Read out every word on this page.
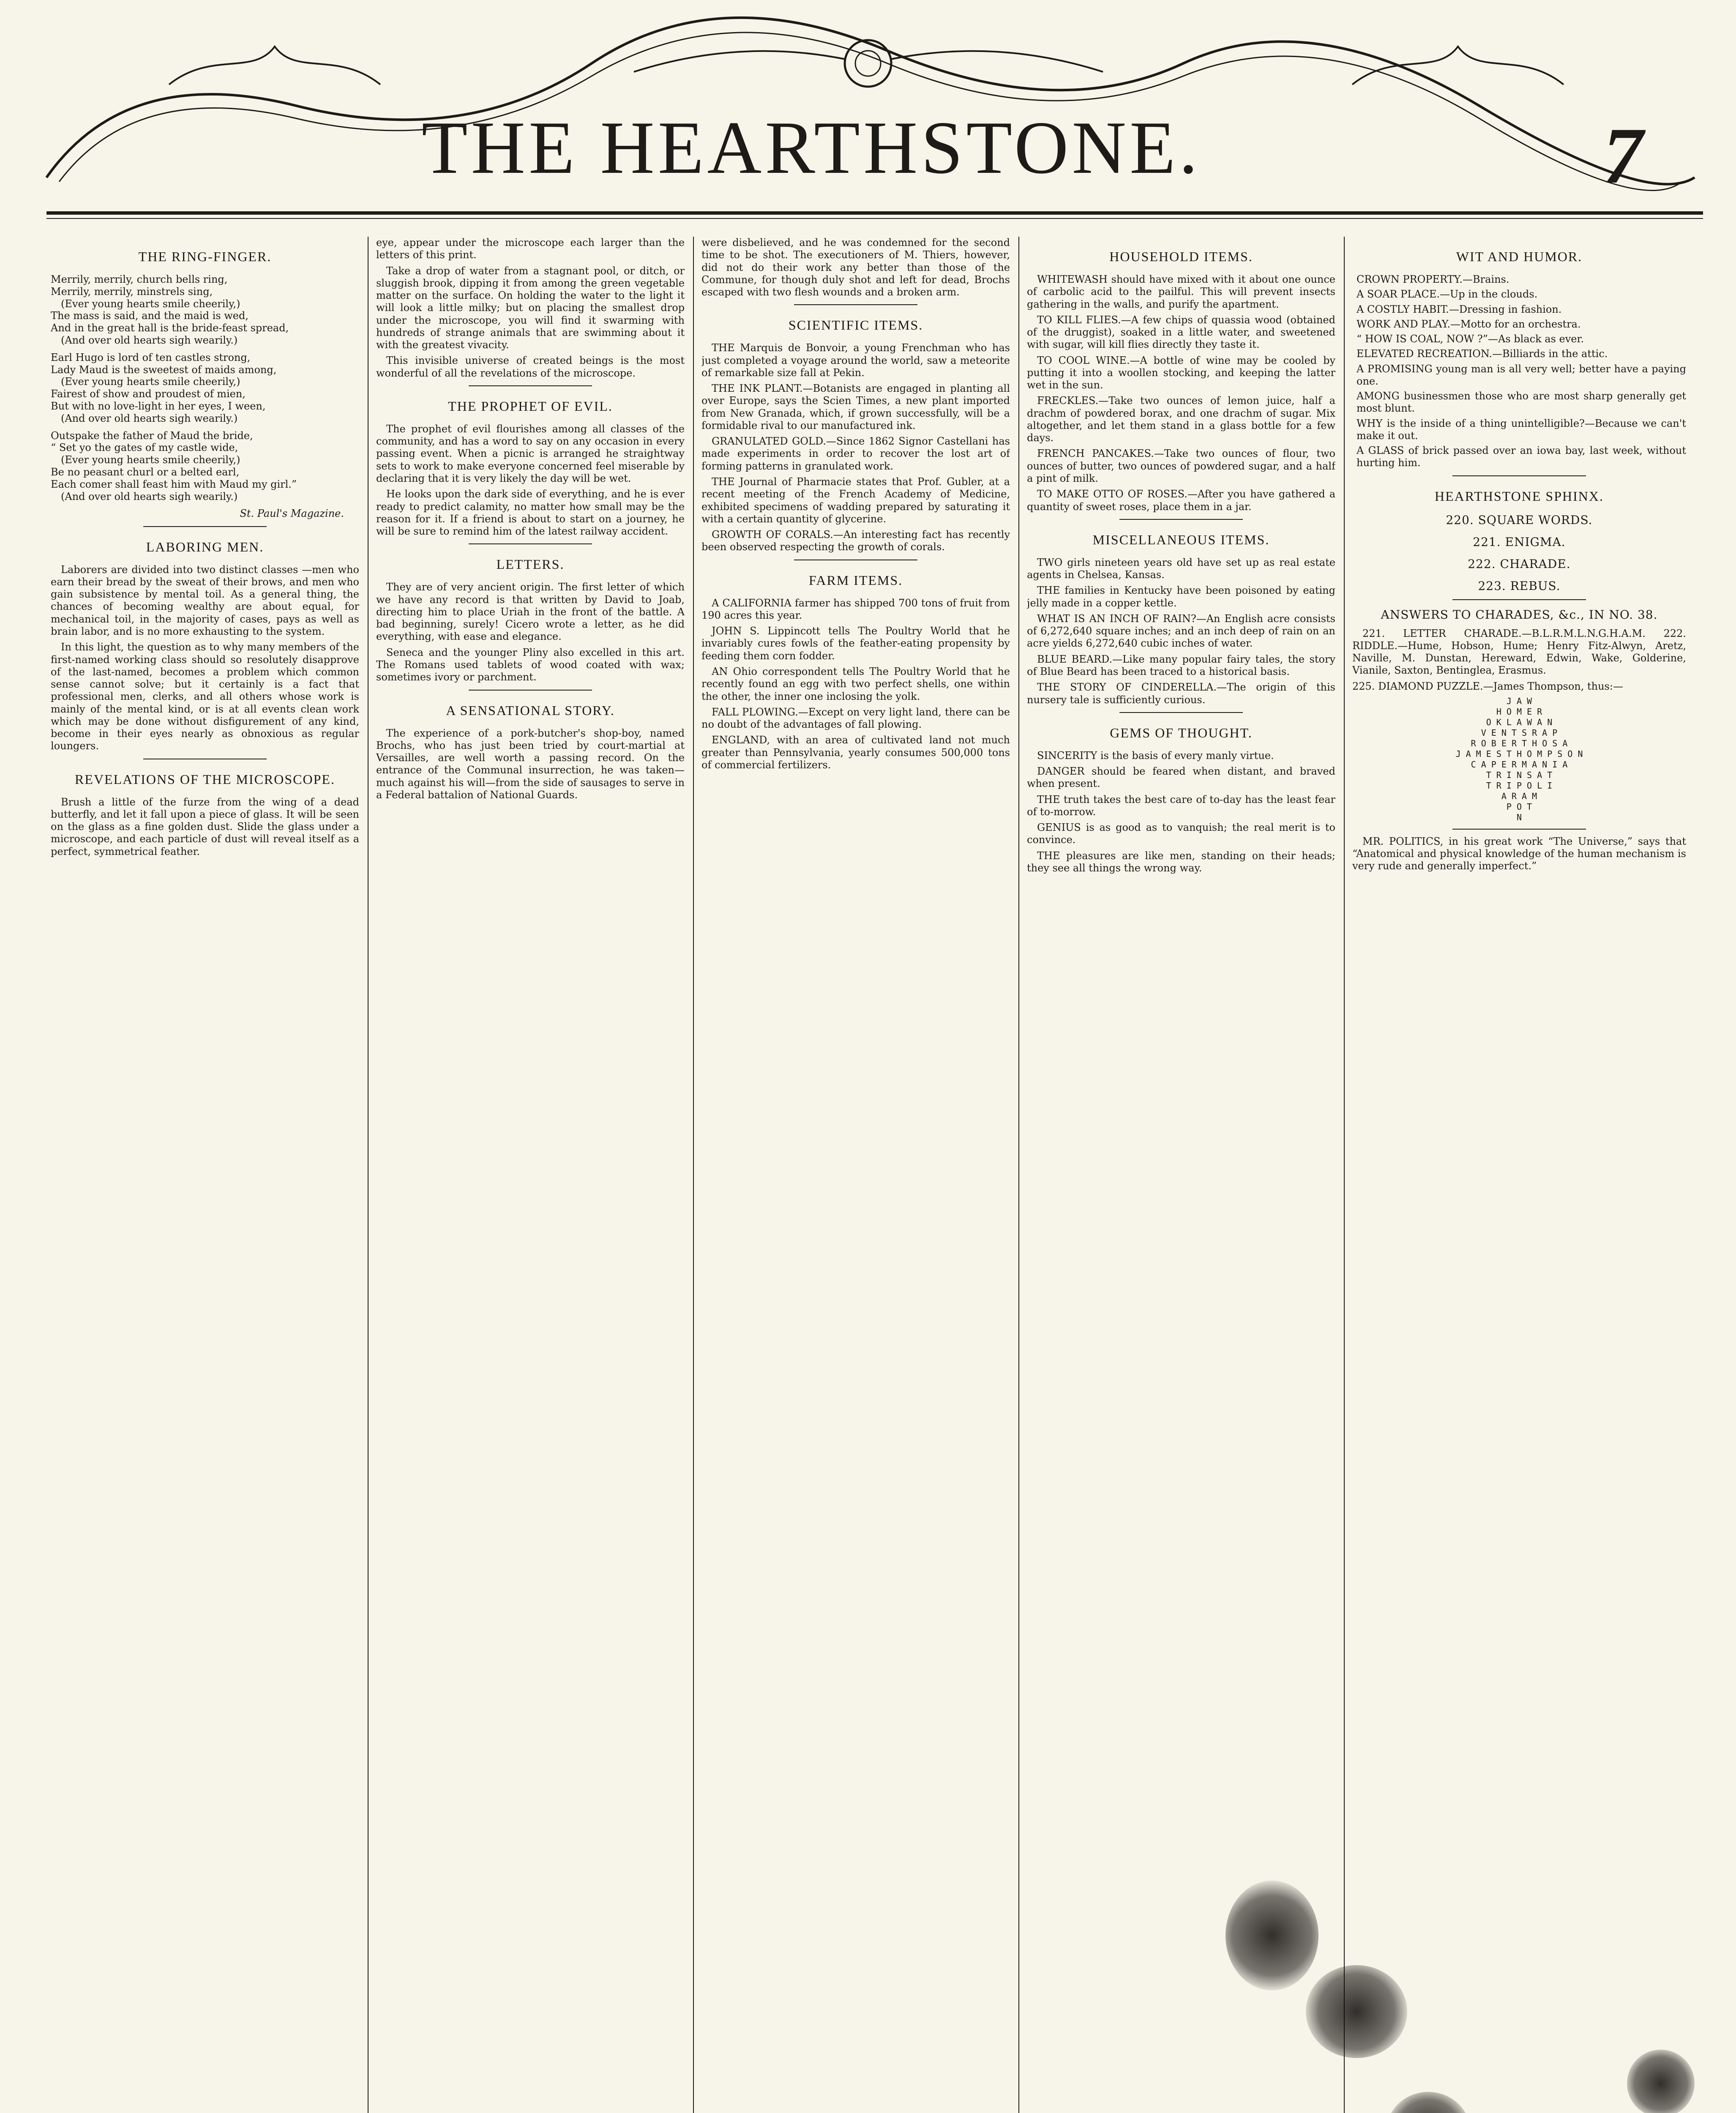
THE HEARTHSTONE.	7
THE RING-FINGER.
Merrily, merrily, church bells ring,
Merrily, merrily, minstrels sing,
(Ever young hearts smile cheerily,)
The mass is said, and the maid is wed,
And in the great hall is the bride-feast spread,
(And over old hearts sigh wearily.)
Earl Hugo is lord of ten castles strong,
Lady Maud is the sweetest of maids among,
(Ever young hearts smile cheerily,)
Fairest of show and proudest of mien,
But with no love-light in her eyes, I ween,
(And over old hearts sigh wearily.)
Outspake the father of Maud the bride,
“ Set yo the gates of my castle wide,
(Ever young hearts smile cheerily,)
Be no peasant churl or a belted earl,
Each comer shall feast him with Maud my girl.”
(And over old hearts sigh wearily.)
St. Paul's Magazine.
LABORING MEN.

Laborers are divided into two distinct classes —men who earn their bread by the sweat of their brows, and men who gain subsistence by mental toil. As a general thing, the chances of becoming wealthy are about equal, for mechanical toil, in the majority of cases, pays as well as brain labor, and is no more exhausting to the system.

In this light, the question as to why many members of the first-named working class should so resolutely disapprove of the last-named, becomes a problem which common sense cannot solve; but it certainly is a fact that professional men, clerks, and all others whose work is mainly of the mental kind, or is at all events clean work which may be done without disfigurement of any kind, become in their eyes nearly as obnoxious as regular loungers.

REVELATIONS OF THE MICROSCOPE.

Brush a little of the furze from the wing of a dead butterfly, and let it fall upon a piece of glass. It will be seen on the glass as a fine golden dust. Slide the glass under a microscope, and each particle of dust will reveal itself as a perfect, symmetrical feather.

eye, appear under the microscope each larger than the letters of this print.

Take a drop of water from a stagnant pool, or ditch, or sluggish brook, dipping it from among the green vegetable matter on the surface. On holding the water to the light it will look a little milky; but on placing the smallest drop under the microscope, you will find it swarming with hundreds of strange animals that are swimming about it with the greatest vivacity.

This invisible universe of created beings is the most wonderful of all the revelations of the microscope.

THE PROPHET OF EVIL.

The prophet of evil flourishes among all classes of the community, and has a word to say on any occasion in every passing event. When a picnic is arranged he straightway sets to work to make everyone concerned feel miserable by declaring that it is very likely the day will be wet.

He looks upon the dark side of everything, and he is ever ready to predict calamity, no matter how small may be the reason for it. If a friend is about to start on a journey, he will be sure to remind him of the latest railway accident.

LETTERS.

They are of very ancient origin. The first letter of which we have any record is that written by David to Joab, directing him to place Uriah in the front of the battle. A bad beginning, surely! Cicero wrote a letter, as he did everything, with ease and elegance.

Seneca and the younger Pliny also excelled in this art. The Romans used tablets of wood coated with wax; sometimes ivory or parchment.

A SENSATIONAL STORY.

The experience of a pork-butcher's shop-boy, named Brochs, who has just been tried by court-martial at Versailles, are well worth a passing record. On the entrance of the Communal insurrection, he was taken—much against his will—from the side of sausages to serve in a Federal battalion of National Guards.

were disbelieved, and he was condemned for the second time to be shot. The executioners of M. Thiers, however, did not do their work any better than those of the Commune, for though duly shot and left for dead, Brochs escaped with two flesh wounds and a broken arm.

SCIENTIFIC ITEMS.

THE Marquis de Bonvoir, a young Frenchman who has just completed a voyage around the world, saw a meteorite of remarkable size fall at Pekin.

THE INK PLANT.—Botanists are engaged in planting all over Europe, says the Scien Times, a new plant imported from New Granada, which, if grown successfully, will be a formidable rival to our manufactured ink.

GRANULATED GOLD.—Since 1862 Signor Castellani has made experiments in order to recover the lost art of forming patterns in granulated work.

THE Journal of Pharmacie states that Prof. Gubler, at a recent meeting of the French Academy of Medicine, exhibited specimens of wadding prepared by saturating it with a certain quantity of glycerine.

GROWTH OF CORALS.—An interesting fact has recently been observed respecting the growth of corals.

FARM ITEMS.

A CALIFORNIA farmer has shipped 700 tons of fruit from 190 acres this year.

JOHN S. Lippincott tells The Poultry World that he invariably cures fowls of the feather-eating propensity by feeding them corn fodder.

AN Ohio correspondent tells The Poultry World that he recently found an egg with two perfect shells, one within the other, the inner one inclosing the yolk.

FALL PLOWING.—Except on very light land, there can be no doubt of the advantages of fall plowing.

ENGLAND, with an area of cultivated land not much greater than Pennsylvania, yearly consumes 500,000 tons of commercial fertilizers.

HOUSEHOLD ITEMS.

WHITEWASH should have mixed with it about one ounce of carbolic acid to the pailful. This will prevent insects gathering in the walls, and purify the apartment.

TO KILL FLIES.—A few chips of quassia wood (obtained of the druggist), soaked in a little water, and sweetened with sugar, will kill flies directly they taste it.

TO COOL WINE.—A bottle of wine may be cooled by putting it into a woollen stocking, and keeping the latter wet in the sun.

FRECKLES.—Take two ounces of lemon juice, half a drachm of powdered borax, and one drachm of sugar. Mix altogether, and let them stand in a glass bottle for a few days.

FRENCH PANCAKES.—Take two ounces of flour, two ounces of butter, two ounces of powdered sugar, and a half a pint of milk.

TO MAKE OTTO OF ROSES.—After you have gathered a quantity of sweet roses, place them in a jar.

MISCELLANEOUS ITEMS.

TWO girls nineteen years old have set up as real estate agents in Chelsea, Kansas.

THE families in Kentucky have been poisoned by eating jelly made in a copper kettle.

WHAT IS AN INCH OF RAIN?—An English acre consists of 6,272,640 square inches; and an inch deep of rain on an acre yields 6,272,640 cubic inches of water.

BLUE BEARD.—Like many popular fairy tales, the story of Blue Beard has been traced to a historical basis.

THE STORY OF CINDERELLA.—The origin of this nursery tale is sufficiently curious.

GEMS OF THOUGHT.

SINCERITY is the basis of every manly virtue.

DANGER should be feared when distant, and braved when present.

THE truth takes the best care of to-day has the least fear of to-morrow.

GENIUS is as good as to vanquish; the real merit is to convince.

THE pleasures are like men, standing on their heads; they see all things the wrong way.

WIT AND HUMOR.

CROWN PROPERTY.—Brains.

A SOAR PLACE.—Up in the clouds.

A COSTLY HABIT.—Dressing in fashion.

WORK AND PLAY.—Motto for an orchestra.

“ HOW IS COAL, NOW ?”—As black as ever.

ELEVATED RECREATION.—Billiards in the attic.

A PROMISING young man is all very well; better have a paying one.

AMONG businessmen those who are most sharp generally get most blunt.

WHY is the inside of a thing unintelligible?—Because we can't make it out.

A GLASS of brick passed over an iowa bay, last week, without hurting him.

HEARTHSTONE SPHINX.
220. SQUARE WORDS.
221. ENIGMA.
222. CHARADE.
223. REBUS.
ANSWERS TO CHARADES, &c., IN NO. 38.

221. LETTER CHARADE.—B.L.R.M.L.N.G.H.A.M. 222. RIDDLE.—Hume, Hobson, Hume; Henry Fitz-Alwyn, Aretz, Naville, M. Dunstan, Hereward, Edwin, Wake, Golderine, Vianile, Saxton, Bentinglea, Erasmus.

225. DIAMOND PUZZLE.—James Thompson, thus:—

J A W
H O M E R
O K L A W A N
V E N T S R A P
R O B E R T H O S A
J A M E S T H O M P S O N
C A P E R M A N I A
T R I N S A T
T R I P O L I
A R A M
P O T
N

MR. POLITICS, in his great work “The Universe,” says that “Anatomical and physical knowledge of the human mechanism is very rude and generally imperfect.”
